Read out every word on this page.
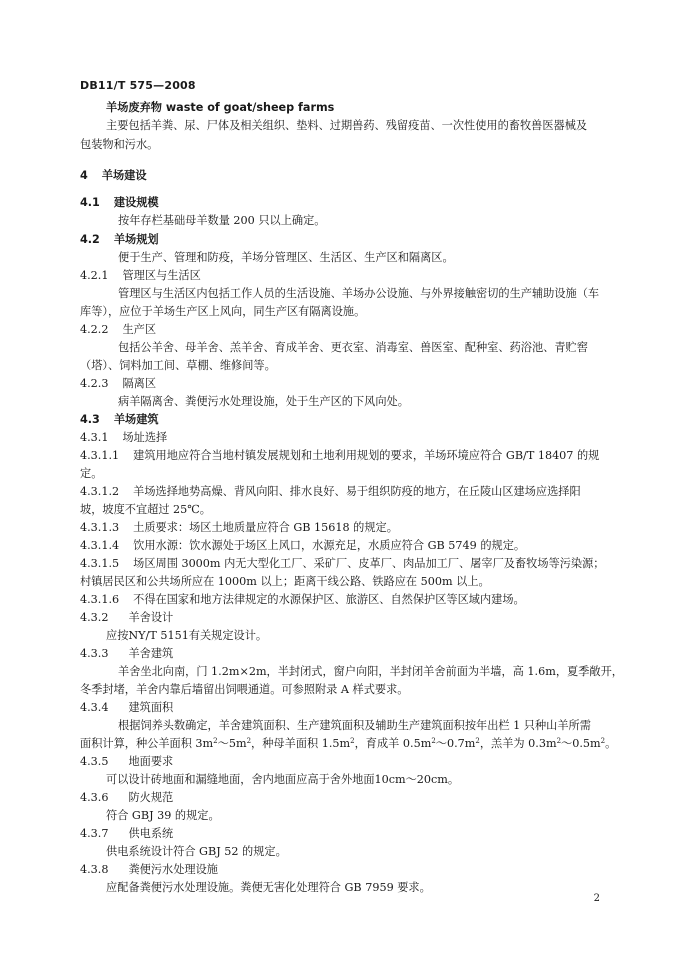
DB11/T 575—2008
羊场废弃物 waste of goat/sheep farms
主要包括羊粪、尿、尸体及相关组织、垫料、过期兽药、残留疫苗、一次性使用的畜牧兽医器械及
包装物和污水。
4 羊场建设
4.1 建设规模
按年存栏基础母羊数量 200 只以上确定。
4.2 羊场规划
便于生产、管理和防疫，羊场分管理区、生活区、生产区和隔离区。
4.2.1 管理区与生活区
管理区与生活区内包括工作人员的生活设施、羊场办公设施、与外界接触密切的生产辅助设施（车
库等），应位于羊场生产区上风向，同生产区有隔离设施。
4.2.2 生产区
包括公羊舍、母羊舍、羔羊舍、育成羊舍、更衣室、消毒室、兽医室、配种室、药浴池、青贮窖
（塔）、饲料加工间、草棚、维修间等。
4.2.3 隔离区
病羊隔离舍、粪便污水处理设施，处于生产区的下风向处。
4.3 羊场建筑
4.3.1 场址选择
4.3.1.1 建筑用地应符合当地村镇发展规划和土地利用规划的要求，羊场环境应符合 GB/T 18407 的规
定。
4.3.1.2 羊场选择地势高燥、背风向阳、排水良好、易于组织防疫的地方，在丘陵山区建场应选择阳
坡，坡度不宜超过 25℃。
4.3.1.3 土质要求：场区土地质量应符合 GB 15618 的规定。
4.3.1.4 饮用水源：饮水源处于场区上风口，水源充足，水质应符合 GB 5749 的规定。
4.3.1.5 场区周围 3000m 内无大型化工厂、采矿厂、皮革厂、肉品加工厂、屠宰厂及畜牧场等污染源；
村镇居民区和公共场所应在 1000m 以上；距离干线公路、铁路应在 500m 以上。
4.3.1.6 不得在国家和地方法律规定的水源保护区、旅游区、自然保护区等区域内建场。
4.3.2 羊舍设计
应按NY/T 5151有关规定设计。
4.3.3 羊舍建筑
羊舍坐北向南，门 1.2m×2m，半封闭式，窗户向阳，半封闭羊舍前面为半墙，高 1.6m，夏季敞开，
冬季封堵，羊舍内靠后墙留出饲喂通道。可参照附录 A 样式要求。
4.3.4 建筑面积
根据饲养头数确定，羊舍建筑面积、生产建筑面积及辅助生产建筑面积按年出栏 1 只种山羊所需
面积计算，种公羊面积 $3m^2\sim 5m^2$，种母羊面积 $1.5m^2$，育成羊 $0.5m^2\sim 0.7m^2$，羔羊为 $0.3m^2\sim 0.5m^2$。
4.3.5 地面要求
可以设计砖地面和漏缝地面，舍内地面应高于舍外地面10cm～20cm。
4.3.6 防火规范
符合 GBJ 39 的规定。
4.3.7 供电系统
供电系统设计符合 GBJ 52 的规定。
4.3.8 粪便污水处理设施
应配备粪便污水处理设施。粪便无害化处理符合 GB 7959 要求。
2
